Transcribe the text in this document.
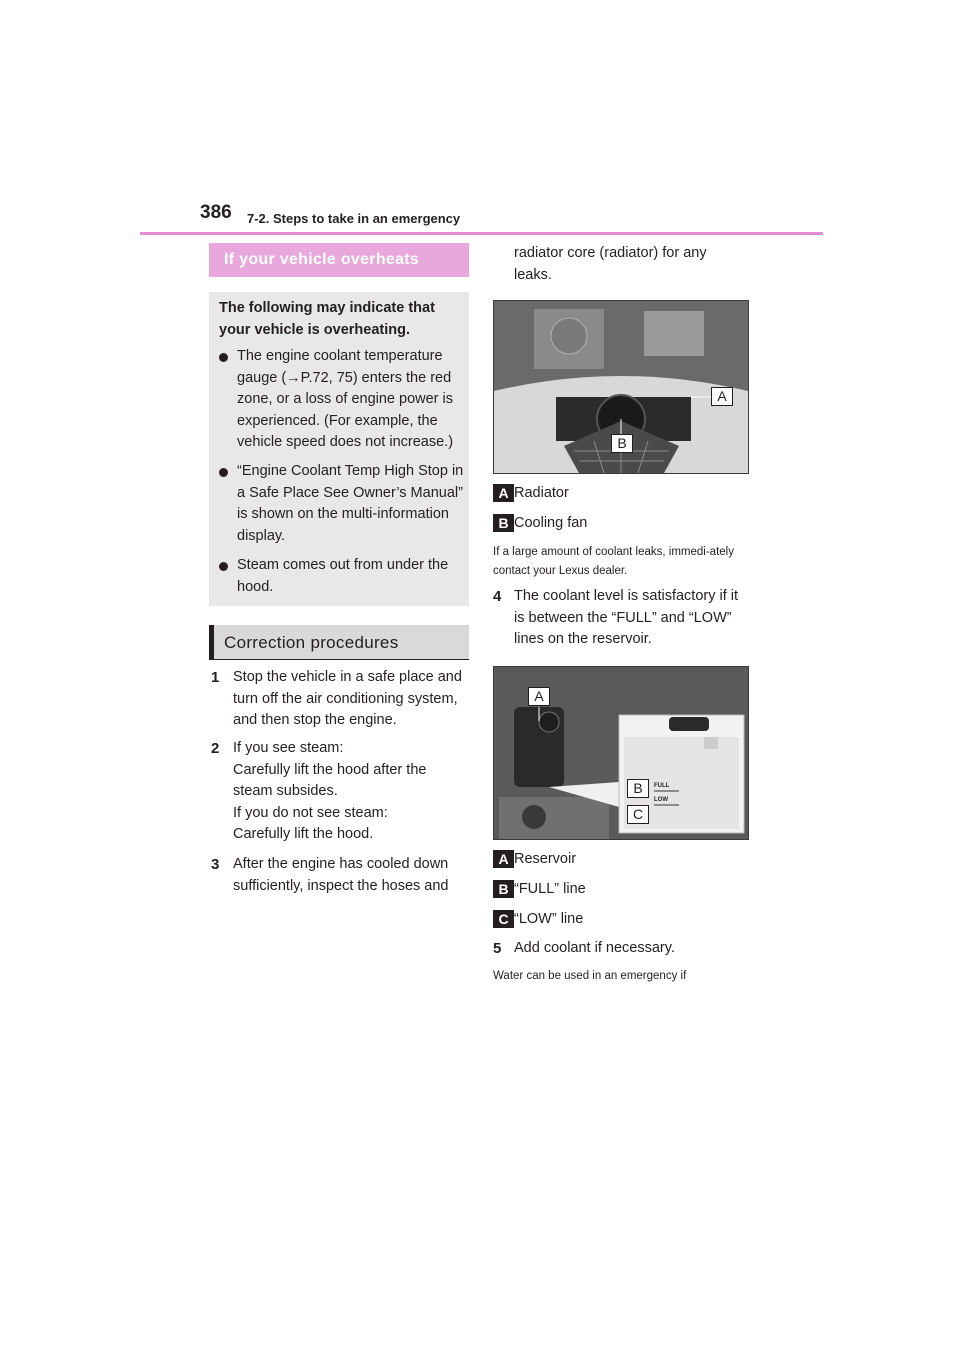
386 7-2. Steps to take in an emergency
If your vehicle overheats
The following may indicate that your vehicle is overheating.
The engine coolant temperature gauge (→P.72, 75) enters the red zone, or a loss of engine power is experienced. (For example, the vehicle speed does not increase.)
“Engine Coolant Temp High Stop in a Safe Place See Owner’s Manual” is shown on the multi-information display.
Steam comes out from under the hood.
Correction procedures
1 Stop the vehicle in a safe place and turn off the air conditioning system, and then stop the engine.
2 If you see steam:
Carefully lift the hood after the steam subsides.
If you do not see steam:
Carefully lift the hood.
3 After the engine has cooled down sufficiently, inspect the hoses and
radiator core (radiator) for any leaks.
A
B
A Radiator
B Cooling fan
If a large amount of coolant leaks, immedi-ately contact your Lexus dealer.
4 The coolant level is satisfactory if it is between the “FULL” and “LOW” lines on the reservoir.
A
B
C
FULL
LOW
A Reservoir
B “FULL” line
C “LOW” line
5 Add coolant if necessary.
Water can be used in an emergency if
